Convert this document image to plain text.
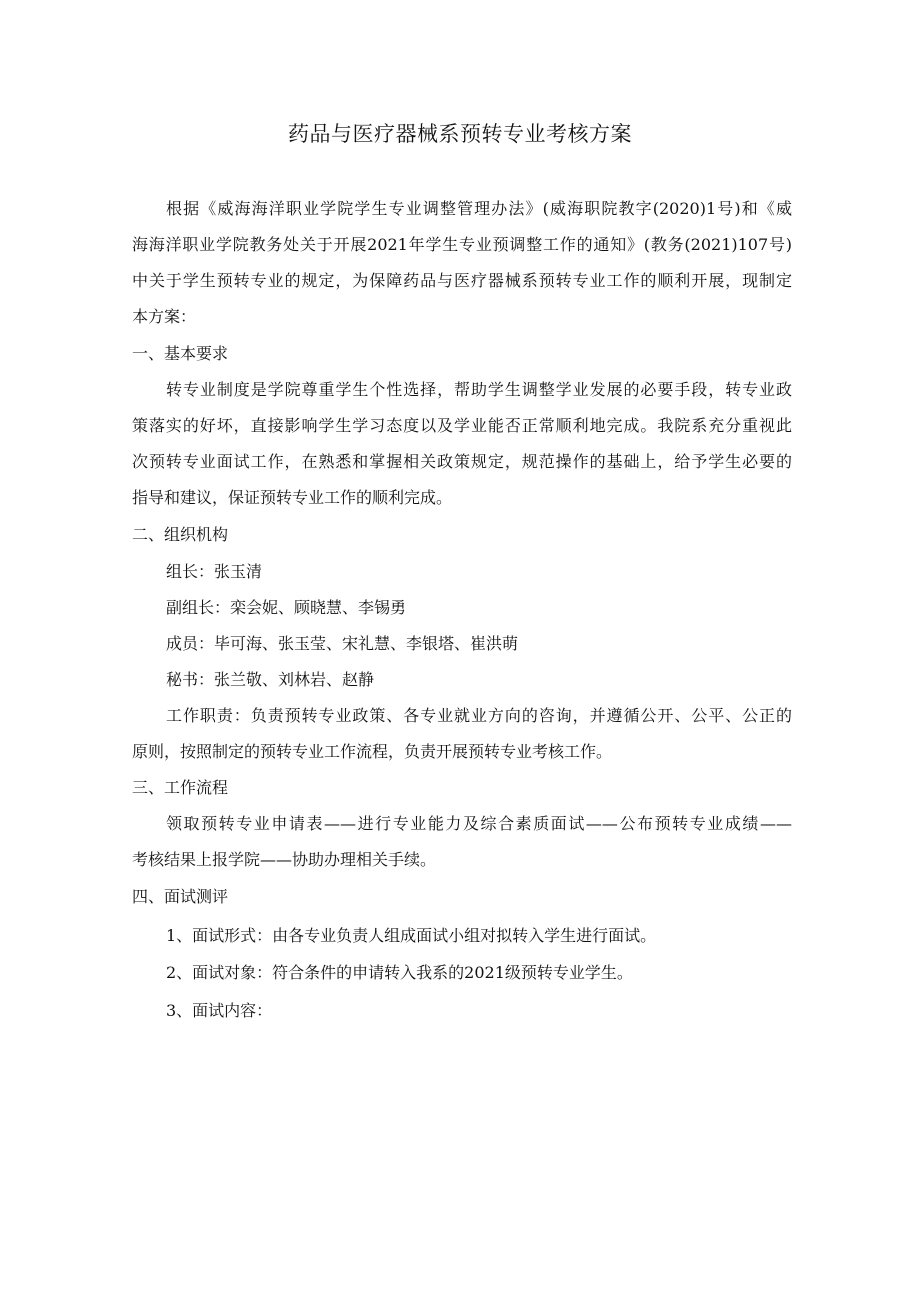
药品与医疗器械系预转专业考核方案
根据《威海海洋职业学院学生专业调整管理办法》(威海职院教字(2020)1号)和《威
海海洋职业学院教务处关于开展2021年学生专业预调整工作的通知》(教务(2021)107号)
中关于学生预转专业的规定，为保障药品与医疗器械系预转专业工作的顺利开展，现制定
本方案：
一、基本要求
转专业制度是学院尊重学生个性选择，帮助学生调整学业发展的必要手段，转专业政
策落实的好坏，直接影响学生学习态度以及学业能否正常顺利地完成。我院系充分重视此
次预转专业面试工作，在熟悉和掌握相关政策规定，规范操作的基础上，给予学生必要的
指导和建议，保证预转专业工作的顺利完成。
二、组织机构
组长：张玉清
副组长：栾会妮、顾晓慧、李锡勇
成员：毕可海、张玉莹、宋礼慧、李银塔、崔洪萌
秘书：张兰敬、刘林岩、赵静
工作职责：负责预转专业政策、各专业就业方向的咨询，并遵循公开、公平、公正的
原则，按照制定的预转专业工作流程，负责开展预转专业考核工作。
三、工作流程
领取预转专业申请表——进行专业能力及综合素质面试——公布预转专业成绩——
考核结果上报学院——协助办理相关手续。
四、面试测评
1、面试形式：由各专业负责人组成面试小组对拟转入学生进行面试。
2、面试对象：符合条件的申请转入我系的2021级预转专业学生。
3、面试内容：
